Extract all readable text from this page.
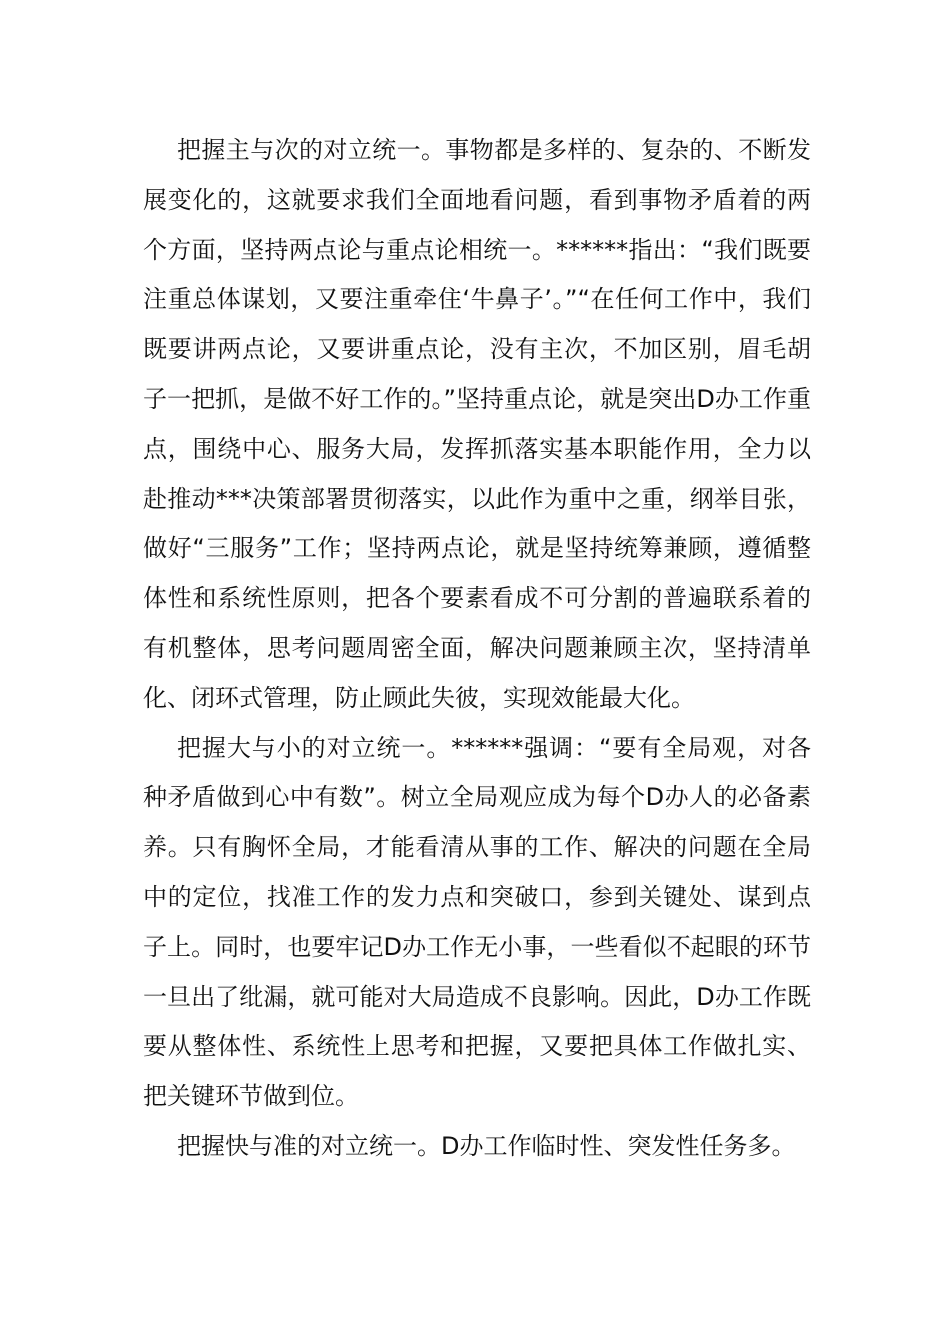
把握主与次的对立统一。事物都是多样的、复杂的、不断发展变化的，这就要求我们全面地看问题，看到事物矛盾着的两个方面，坚持两点论与重点论相统一。******指出：“我们既要注重总体谋划，又要注重牵住‘牛鼻子’。”“在任何工作中，我们既要讲两点论，又要讲重点论，没有主次，不加区别，眉毛胡子一把抓，是做不好工作的。”坚持重点论，就是突出D办工作重点，围绕中心、服务大局，发挥抓落实基本职能作用，全力以赴推动***决策部署贯彻落实，以此作为重中之重，纲举目张，做好“三服务”工作；坚持两点论，就是坚持统筹兼顾，遵循整体性和系统性原则，把各个要素看成不可分割的普遍联系着的有机整体，思考问题周密全面，解决问题兼顾主次，坚持清单化、闭环式管理，防止顾此失彼，实现效能最大化。

把握大与小的对立统一。******强调：“要有全局观，对各种矛盾做到心中有数”。树立全局观应成为每个D办人的必备素养。只有胸怀全局，才能看清从事的工作、解决的问题在全局中的定位，找准工作的发力点和突破口，参到关键处、谋到点子上。同时，也要牢记D办工作无小事，一些看似不起眼的环节一旦出了纰漏，就可能对大局造成不良影响。因此，D办工作既要从整体性、系统性上思考和把握，又要把具体工作做扎实、把关键环节做到位。

把握快与准的对立统一。D办工作临时性、突发性任务多。
